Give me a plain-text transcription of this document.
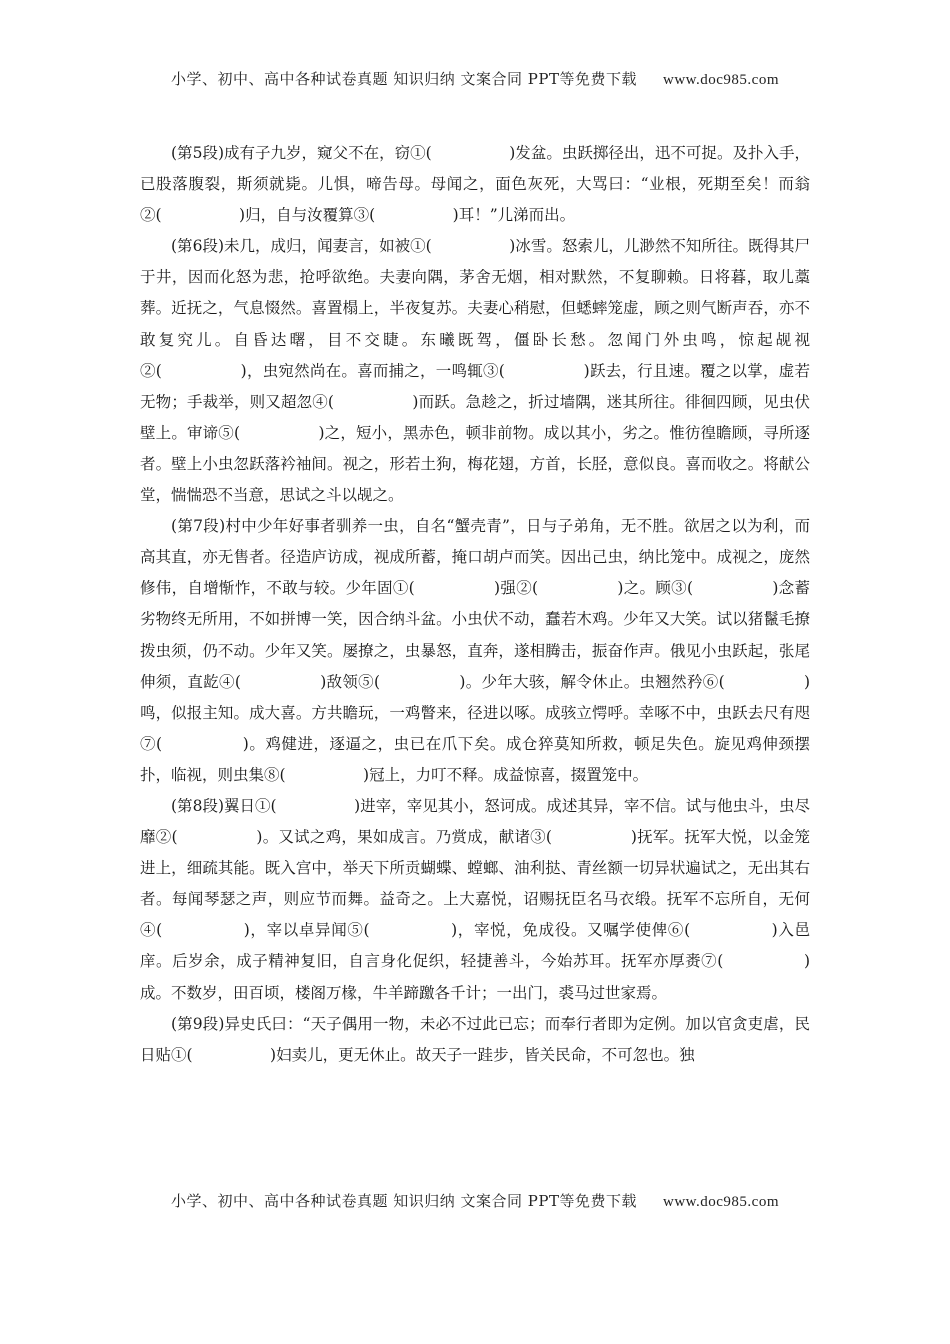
小学、初中、高中各种试卷真题 知识归纳 文案合同 PPT等免费下载 www.doc985.com

(第5段)成有子九岁，窥父不在，窃①(　　　　　)发盆。虫跃掷径出，迅不可捉。及扑入手，已股落腹裂，斯须就毙。儿惧，啼告母。母闻之，面色灰死，大骂曰：“业根，死期至矣！而翁②(　　　　　)归，自与汝覆算③(　　　　　)耳！”儿涕而出。

(第6段)未几，成归，闻妻言，如被①(　　　　　)冰雪。怒索儿，儿渺然不知所往。既得其尸于井，因而化怒为悲，抢呼欲绝。夫妻向隅，茅舍无烟，相对默然，不复聊赖。日将暮，取儿藁葬。近抚之，气息惙然。喜置榻上，半夜复苏。夫妻心稍慰，但蟋蟀笼虚，顾之则气断声吞，亦不敢复究儿。自昏达曙，目不交睫。东曦既驾，僵卧长愁。忽闻门外虫鸣，惊起觇视②(　　　　　)，虫宛然尚在。喜而捕之，一鸣辄③(　　　　　)跃去，行且速。覆之以掌，虚若无物；手裁举，则又超忽④(　　　　　)而跃。急趁之，折过墙隅，迷其所往。徘徊四顾，见虫伏壁上。审谛⑤(　　　　　)之，短小，黑赤色，顿非前物。成以其小，劣之。惟彷徨瞻顾，寻所逐者。壁上小虫忽跃落衿袖间。视之，形若土狗，梅花翅，方首，长胫，意似良。喜而收之。将献公堂，惴惴恐不当意，思试之斗以觇之。

(第7段)村中少年好事者驯养一虫，自名“蟹壳青”，日与子弟角，无不胜。欲居之以为利，而高其直，亦无售者。径造庐访成，视成所蓄，掩口胡卢而笑。因出己虫，纳比笼中。成视之，庞然修伟，自增惭怍，不敢与较。少年固①(　　　　　)强②(　　　　　)之。顾③(　　　　　)念蓄劣物终无所用，不如拼博一笑，因合纳斗盆。小虫伏不动，蠢若木鸡。少年又大笑。试以猪鬣毛撩拨虫须，仍不动。少年又笑。屡撩之，虫暴怒，直奔，遂相腾击，振奋作声。俄见小虫跃起，张尾伸须，直龁④(　　　　　)敌领⑤(　　　　　)。少年大骇，解令休止。虫翘然矜⑥(　　　　　)鸣，似报主知。成大喜。方共瞻玩，一鸡瞥来，径进以啄。成骇立愕呼。幸啄不中，虫跃去尺有咫⑦(　　　　　)。鸡健进，逐逼之，虫已在爪下矣。成仓猝莫知所救，顿足失色。旋见鸡伸颈摆扑，临视，则虫集⑧(　　　　　)冠上，力叮不释。成益惊喜，掇置笼中。

(第8段)翼日①(　　　　　)进宰，宰见其小，怒诃成。成述其异，宰不信。试与他虫斗，虫尽靡②(　　　　　)。又试之鸡，果如成言。乃赏成，献诸③(　　　　　)抚军。抚军大悦，以金笼进上，细疏其能。既入宫中，举天下所贡蝴蝶、螳螂、油利挞、青丝额一切异状遍试之，无出其右者。每闻琴瑟之声，则应节而舞。益奇之。上大嘉悦，诏赐抚臣名马衣缎。抚军不忘所自，无何④(　　　　　)，宰以卓异闻⑤(　　　　　)，宰悦，免成役。又嘱学使俾⑥(　　　　　)入邑庠。后岁余，成子精神复旧，自言身化促织，轻捷善斗，今始苏耳。抚军亦厚赉⑦(　　　　　)成。不数岁，田百顷，楼阁万椽，牛羊蹄躈各千计；一出门，裘马过世家焉。

(第9段)异史氏曰：“天子偶用一物，未必不过此已忘；而奉行者即为定例。加以官贪吏虐，民日贴①(　　　　　)妇卖儿，更无休止。故天子一跬步，皆关民命，不可忽也。独

小学、初中、高中各种试卷真题 知识归纳 文案合同 PPT等免费下载 www.doc985.com
